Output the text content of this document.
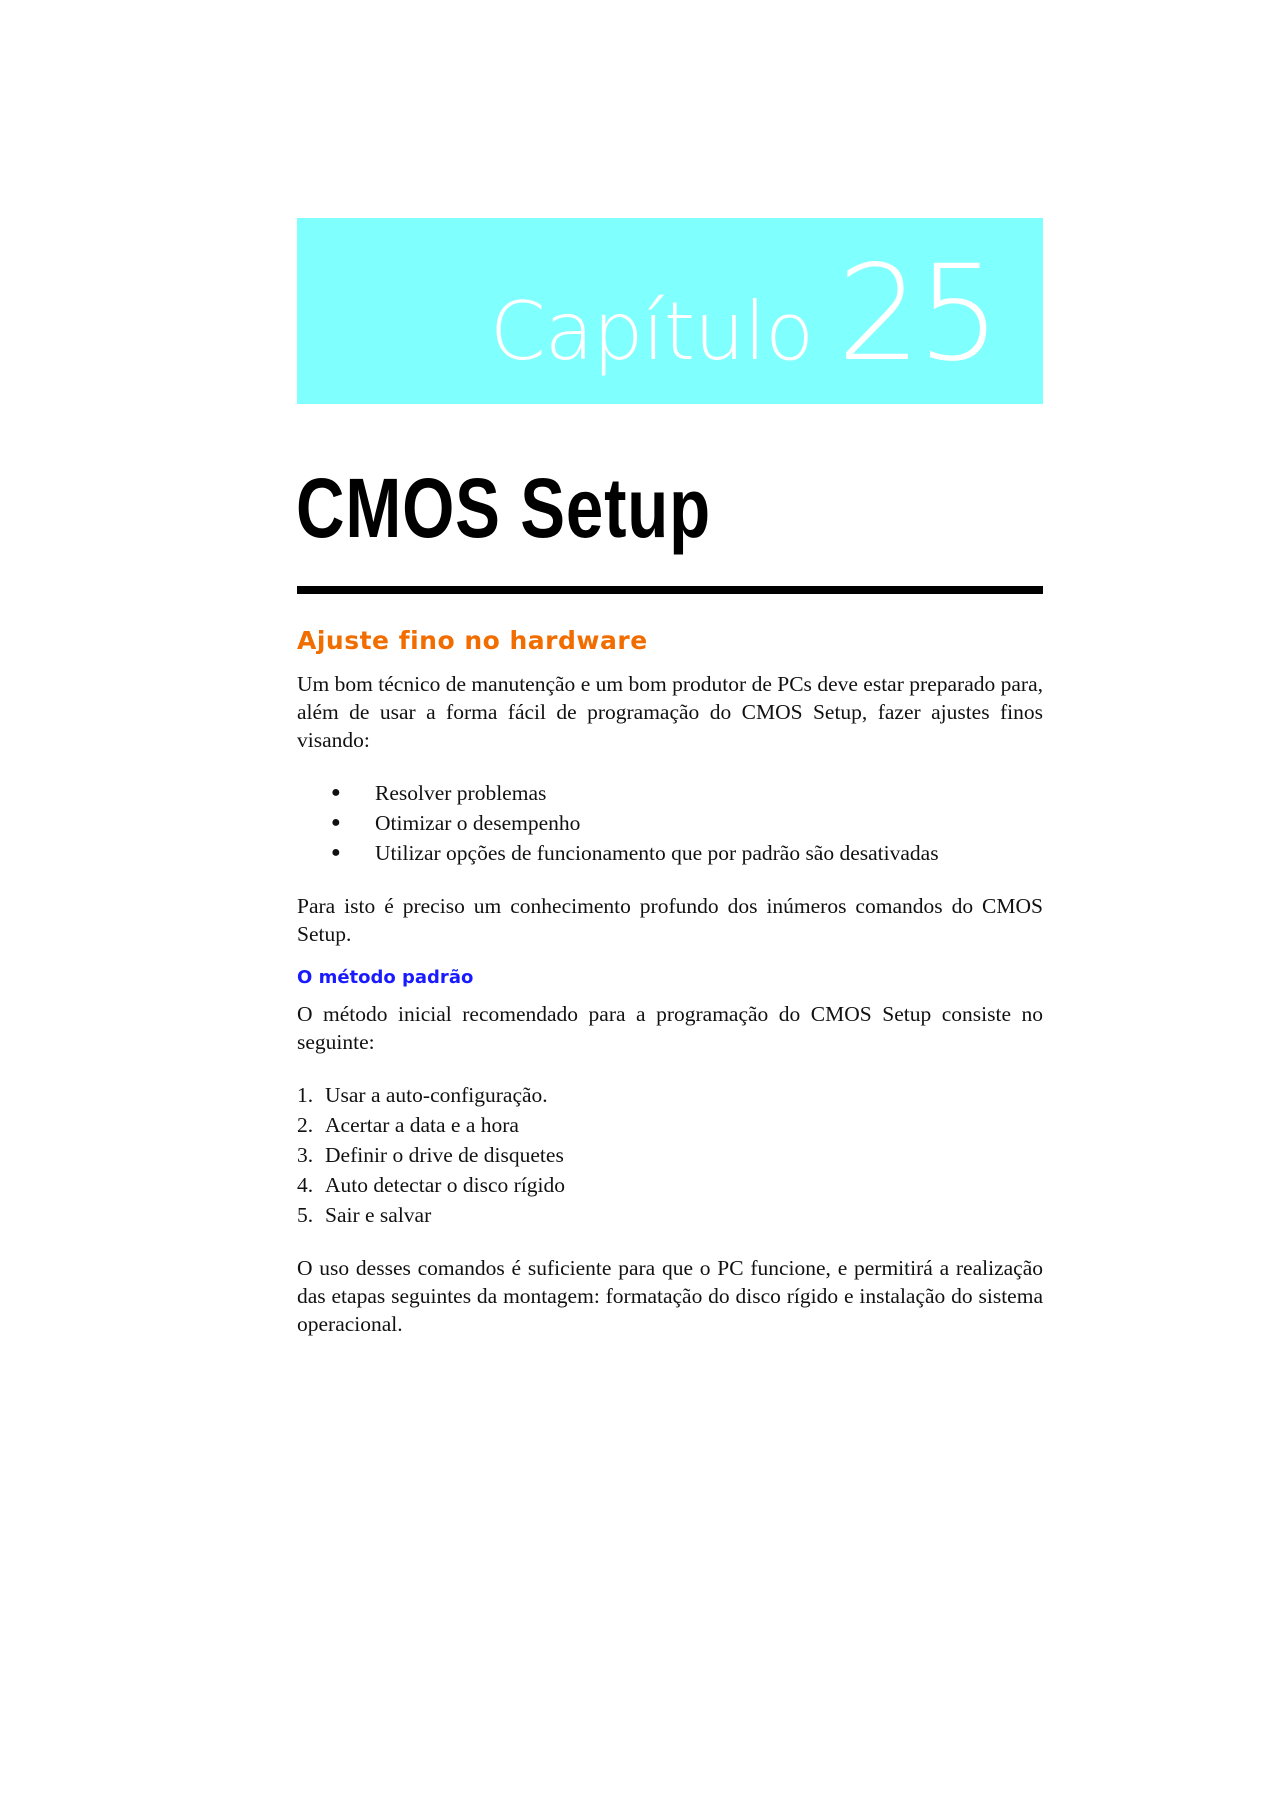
Capítulo 25
CMOS Setup
Ajuste fino no hardware

Um bom técnico de manutenção e um bom produtor de PCs deve estar preparado para, além de usar a forma fácil de programação do CMOS Setup, fazer ajustes finos visando:

● Resolver problemas
● Otimizar o desempenho
● Utilizar opções de funcionamento que por padrão são desativadas

Para isto é preciso um conhecimento profundo dos inúmeros comandos do CMOS Setup.

O método padrão

O método inicial recomendado para a programação do CMOS Setup consiste no seguinte:

1. Usar a auto-configuração.
2. Acertar a data e a hora
3. Definir o drive de disquetes
4. Auto detectar o disco rígido
5. Sair e salvar

O uso desses comandos é suficiente para que o PC funcione, e permitirá a realização das etapas seguintes da montagem: formatação do disco rígido e instalação do sistema operacional.
